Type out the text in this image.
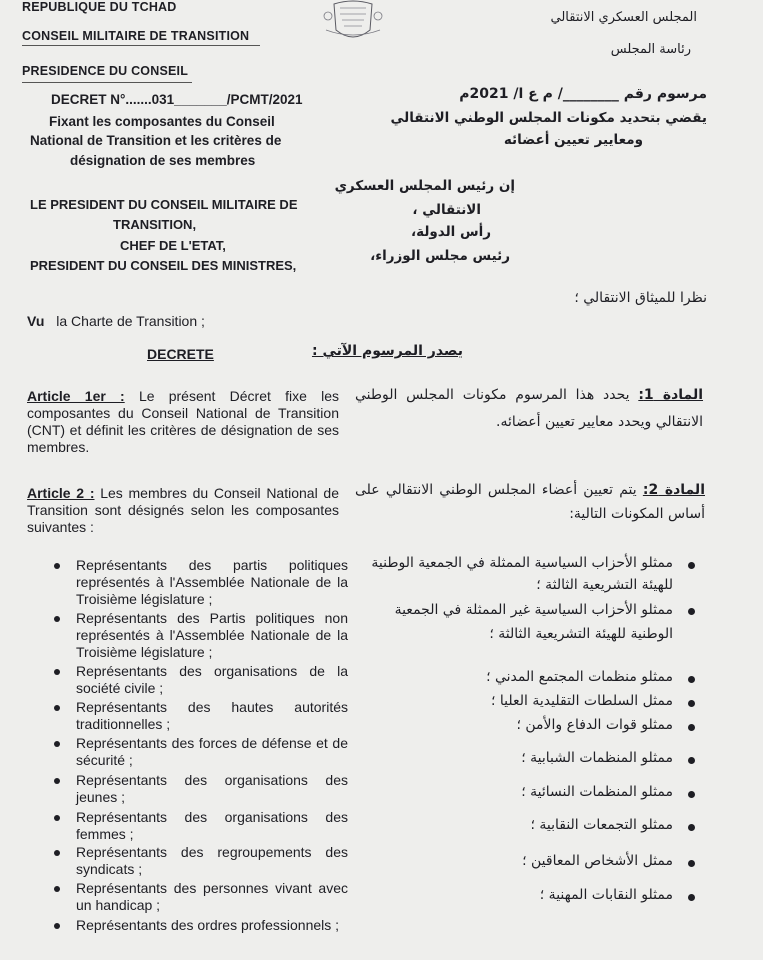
REPUBLIQUE DU TCHAD
CONSEIL MILITAIRE DE TRANSITION
PRESIDENCE DU CONSEIL
المجلس العسكري الانتقالي
رئاسة المجلس
DECRET N°.......031_______/PCMT/2021
Fixant les composantes du Conseil
National de Transition et les critères de
désignation de ses membres
مرسوم رقم ________/ م ع ا/ 2021م
يقضي بتحديد مكونات المجلس الوطني الانتقالي
ومعايير تعيين أعضائه
LE PRESIDENT DU CONSEIL MILITAIRE DE
TRANSITION,
CHEF DE L'ETAT,
PRESIDENT DU CONSEIL DES MINISTRES,
إن رئيس المجلس العسكري
الانتقالي ،
رأس الدولة،
رئيس مجلس الوزراء،
نظرا للميثاق الانتقالي ؛
Vu la Charte de Transition ;
DECRETE	يصدر المرسوم الآتي :
Article 1er : Le présent Décret fixe les composantes du Conseil National de Transition (CNT) et définit les critères de désignation de ses membres.
المادة 1: يحدد هذا المرسوم مكونات المجلس الوطني الانتقالي ويحدد معايير تعيين أعضائه.
Article 2 : Les membres du Conseil National de Transition sont désignés selon les composantes suivantes :
المادة 2: يتم تعيين أعضاء المجلس الوطني الانتقالي على أساس المكونات التالية:
Représentants des partis politiques représentés à l'Assemblée Nationale de la Troisième législature ;
Représentants des Partis politiques non représentés à l'Assemblée Nationale de la Troisième législature ;
Représentants des organisations de la société civile ;
Représentants des hautes autorités traditionnelles ;
Représentants des forces de défense et de sécurité ;
Représentants des organisations des jeunes ;
Représentants des organisations des femmes ;
Représentants des regroupements des syndicats ;
Représentants des personnes vivant avec un handicap ;
Représentants des ordres professionnels ;
ممثلو الأحزاب السياسية الممثلة في الجمعية الوطنية للهيئة التشريعية الثالثة ؛
ممثلو الأحزاب السياسية غير الممثلة في الجمعية الوطنية للهيئة التشريعية الثالثة ؛
ممثلو منظمات المجتمع المدني ؛
ممثل السلطات التقليدية العليا ؛
ممثلو قوات الدفاع والأمن ؛
ممثلو المنظمات الشبابية ؛
ممثلو المنظمات النسائية ؛
ممثلو التجمعات النقابية ؛
ممثل الأشخاص المعاقين ؛
ممثلو النقابات المهنية ؛
